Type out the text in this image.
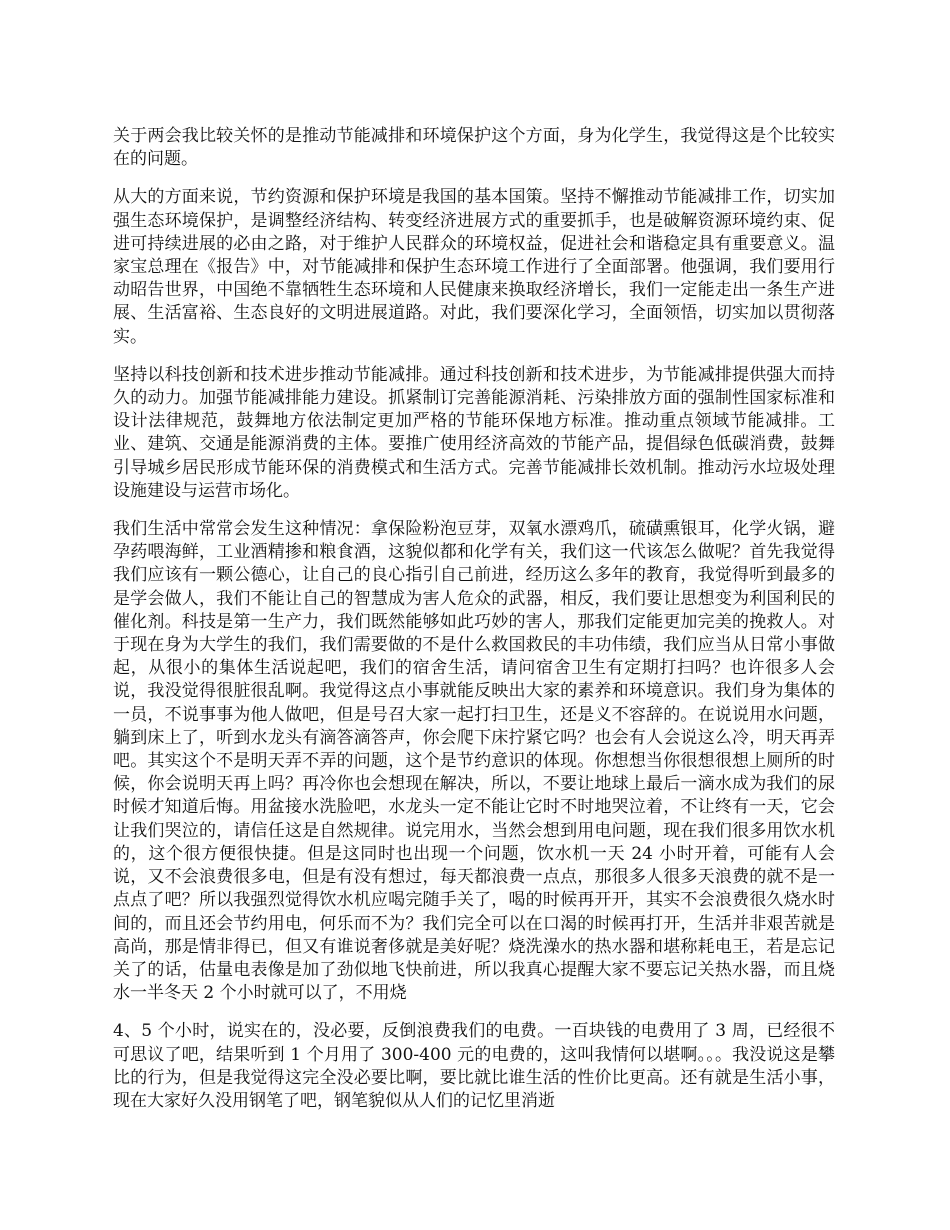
关于两会我比较关怀的是推动节能减排和环境保护这个方面，身为化学生，我觉得这是个比较实在的问题。

从大的方面来说，节约资源和保护环境是我国的基本国策。坚持不懈推动节能减排工作，切实加强生态环境保护，是调整经济结构、转变经济进展方式的重要抓手，也是破解资源环境约束、促进可持续进展的必由之路，对于维护人民群众的环境权益，促进社会和谐稳定具有重要意义。温家宝总理在《报告》中，对节能减排和保护生态环境工作进行了全面部署。他强调，我们要用行动昭告世界，中国绝不靠牺牲生态环境和人民健康来换取经济增长，我们一定能走出一条生产进展、生活富裕、生态良好的文明进展道路。对此，我们要深化学习，全面领悟，切实加以贯彻落实。

坚持以科技创新和技术进步推动节能减排。通过科技创新和技术进步，为节能减排提供强大而持久的动力。加强节能减排能力建设。抓紧制订完善能源消耗、污染排放方面的强制性国家标准和设计法律规范，鼓舞地方依法制定更加严格的节能环保地方标准。推动重点领域节能减排。工业、建筑、交通是能源消费的主体。要推广使用经济高效的节能产品，提倡绿色低碳消费，鼓舞引导城乡居民形成节能环保的消费模式和生活方式。完善节能减排长效机制。推动污水垃圾处理设施建设与运营市场化。

我们生活中常常会发生这种情况：拿保险粉泡豆芽，双氧水漂鸡爪，硫磺熏银耳，化学火锅，避孕药喂海鲜，工业酒精掺和粮食酒，这貌似都和化学有关，我们这一代该怎么做呢？首先我觉得我们应该有一颗公德心，让自己的良心指引自己前进，经历这么多年的教育，我觉得听到最多的是学会做人，我们不能让自己的智慧成为害人危众的武器，相反，我们要让思想变为利国利民的催化剂。科技是第一生产力，我们既然能够如此巧妙的害人，那我们定能更加完美的挽救人。对于现在身为大学生的我们，我们需要做的不是什么救国救民的丰功伟绩，我们应当从日常小事做起，从很小的集体生活说起吧，我们的宿舍生活，请问宿舍卫生有定期打扫吗？也许很多人会说，我没觉得很脏很乱啊。我觉得这点小事就能反映出大家的素养和环境意识。我们身为集体的一员，不说事事为他人做吧，但是号召大家一起打扫卫生，还是义不容辞的。在说说用水问题，躺到床上了，听到水龙头有滴答滴答声，你会爬下床拧紧它吗？也会有人会说这么冷，明天再弄吧。其实这个不是明天弄不弄的问题，这个是节约意识的体现。你想想当你很想很想上厕所的时候，你会说明天再上吗？再冷你也会想现在解决，所以，不要让地球上最后一滴水成为我们的尿时候才知道后悔。用盆接水洗脸吧，水龙头一定不能让它时不时地哭泣着，不让终有一天，它会让我们哭泣的，请信任这是自然规律。说完用水，当然会想到用电问题，现在我们很多用饮水机的，这个很方便很快捷。但是这同时也出现一个问题，饮水机一天 24 小时开着，可能有人会说，又不会浪费很多电，但是有没有想过，每天都浪费一点点，那很多人很多天浪费的就不是一点点了吧？所以我强烈觉得饮水机应喝完随手关了，喝的时候再开开，其实不会浪费很久烧水时间的，而且还会节约用电，何乐而不为？我们完全可以在口渴的时候再打开，生活并非艰苦就是高尚，那是情非得已，但又有谁说奢侈就是美好呢？烧洗澡水的热水器和堪称耗电王，若是忘记关了的话，估量电表像是加了劲似地飞快前进，所以我真心提醒大家不要忘记关热水器，而且烧水一半冬天 2 个小时就可以了，不用烧

4、5 个小时，说实在的，没必要，反倒浪费我们的电费。一百块钱的电费用了 3 周，已经很不可思议了吧，结果听到 1 个月用了 300-400 元的电费的，这叫我情何以堪啊。。。我没说这是攀比的行为，但是我觉得这完全没必要比啊，要比就比谁生活的性价比更高。还有就是生活小事，现在大家好久没用钢笔了吧，钢笔貌似从人们的记忆里消逝
